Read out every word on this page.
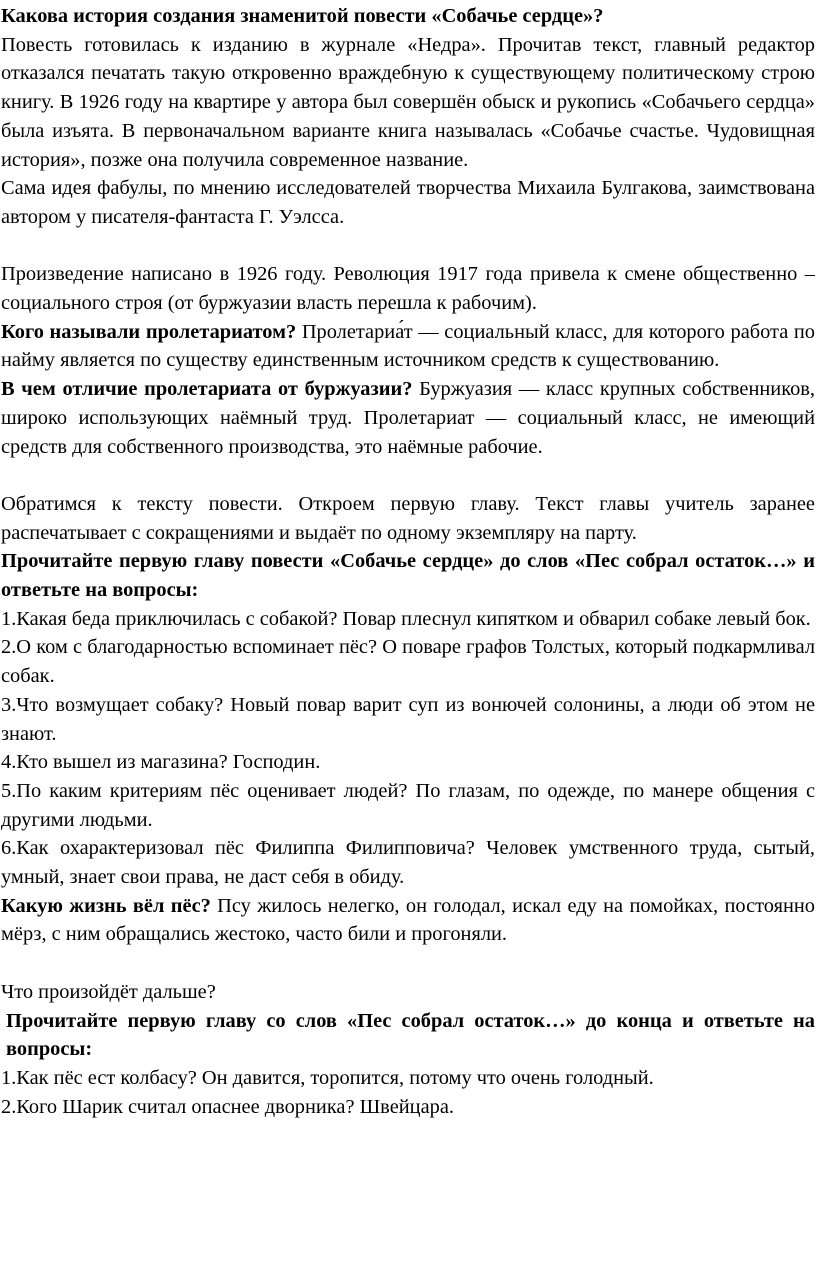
Какова история создания знаменитой повести «Собачье сердце»?

Повесть готовилась к изданию в журнале «Недра». Прочитав текст, главный редактор отказался печатать такую откровенно враждебную к существующему политическому строю книгу. В 1926 году на квартире у автора был совершён обыск и рукопись «Собачьего сердца» была изъята. В первоначальном варианте книга называлась «Собачье счастье. Чудовищная история», позже она получила современное название.

Сама идея фабулы, по мнению исследователей творчества Михаила Булгакова, заимствована автором у писателя-фантаста Г. Уэлсса.

Произведение написано в 1926 году. Революция 1917 года привела к смене общественно – социального строя (от буржуазии власть перешла к рабочим).

Кого называли пролетариатом? Пролетариа́т — социальный класс, для которого работа по найму является по существу единственным источником средств к существованию.

В чем отличие пролетариата от буржуазии? Буржуазия — класс крупных собственников, широко использующих наёмный труд. Пролетариат — социальный класс, не имеющий средств для собственного производства, это наёмные рабочие.

Обратимся к тексту повести. Откроем первую главу. Текст главы учитель заранее распечатывает с сокращениями и выдаёт по одному экземпляру на парту.

Прочитайте первую главу повести «Собачье сердце» до слов «Пес собрал остаток…» и ответьте на вопросы:

1.Какая беда приключилась с собакой? Повар плеснул кипятком и обварил собаке левый бок.

2.О ком с благодарностью вспоминает пёс? О поваре графов Толстых, который подкармливал собак.

3.Что возмущает собаку? Новый повар варит суп из вонючей солонины, а люди об этом не знают.

4.Кто вышел из магазина? Господин.

5.По каким критериям пёс оценивает людей? По глазам, по одежде, по манере общения с другими людьми.

6.Как охарактеризовал пёс Филиппа Филипповича? Человек умственного труда, сытый, умный, знает свои права, не даст себя в обиду.

Какую жизнь вёл пёс? Псу жилось нелегко, он голодал, искал еду на помойках, постоянно мёрз, с ним обращались жестоко, часто били и прогоняли.

Что произойдёт дальше?

Прочитайте первую главу со слов «Пес собрал остаток…» до конца и ответьте на вопросы:

1.Как пёс ест колбасу? Он давится, торопится, потому что очень голодный.

2.Кого Шарик считал опаснее дворника? Швейцара.
